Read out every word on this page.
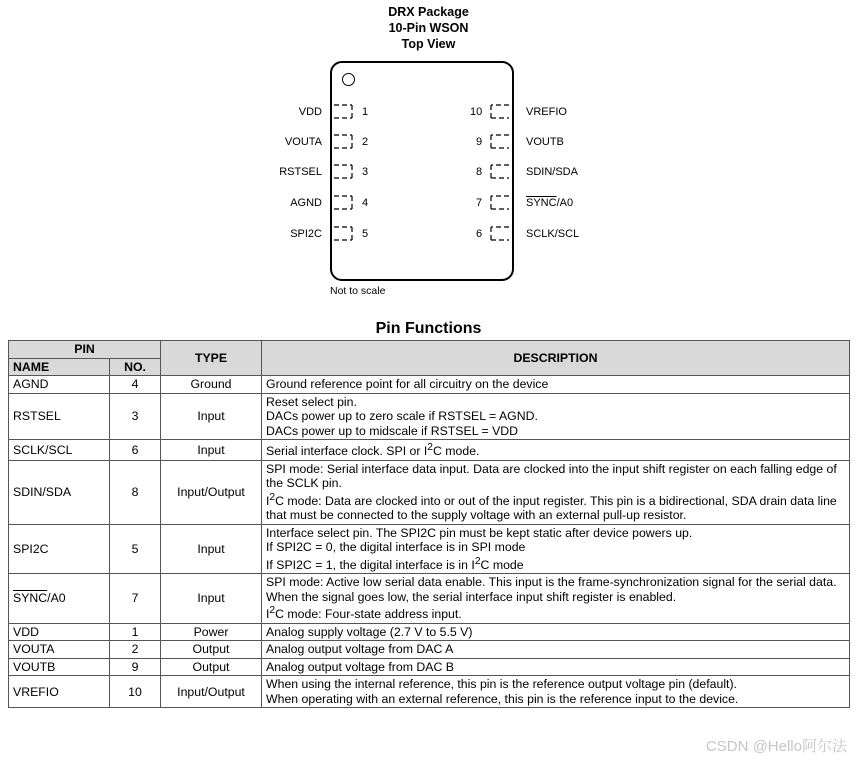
DRX Package
10-Pin WSON
Top View
VDD
VOUTA
RSTSEL
AGND
SPI2C
1
2
3
4
5
10
9
8
7
6
VREFIO
VOUTB
SDIN/SDA
SYNC/A0
SCLK/SCL
Not to scale
Pin Functions
PIN		TYPE	DESCRIPTION
NAME	NO.		
AGND	4	Ground	Ground reference point for all circuitry on the device

RSTSEL	3	Input	Reset select pin.
DACs power up to zero scale if RSTSEL = AGND.
DACs power up to midscale if RSTSEL = VDD

SCLK/SCL	6	Input	Serial interface clock. SPI or $I^2C$ mode.
SDIN/SDA	8	Input/Output	SPI mode: Serial interface data input. Data are clocked into the input shift register on each falling edge of the SCLK pin.
$I^2C$ mode: Data are clocked into or out of the input register. This pin is a bidirectional, SDA drain data line that must be connected to the supply voltage with an external pull-up resistor.

SPI2C	5	Input	Interface select pin. The SPI2C pin must be kept static after device powers up.
If SPI2C = 0, the digital interface is in SPI mode
If SPI2C = 1, the digital interface is in $I^2C$ mode

SYNC/A0	7	Input	SPI mode: Active low serial data enable. This input is the frame-synchronization signal for the serial data. When the signal goes low, the serial interface input shift register is enabled.
$I^2C$ mode: Four-state address input.

VDD	1	Power	Analog supply voltage (2.7 V to 5.5 V)

VOUTA	2	Output	Analog output voltage from DAC A

VOUTB	9	Output	Analog output voltage from DAC B

VREFIO	10	Input/Output	When using the internal reference, this pin is the reference output voltage pin (default).
When operating with an external reference, this pin is the reference input to the device.
CSDN @Hello阿尔法
